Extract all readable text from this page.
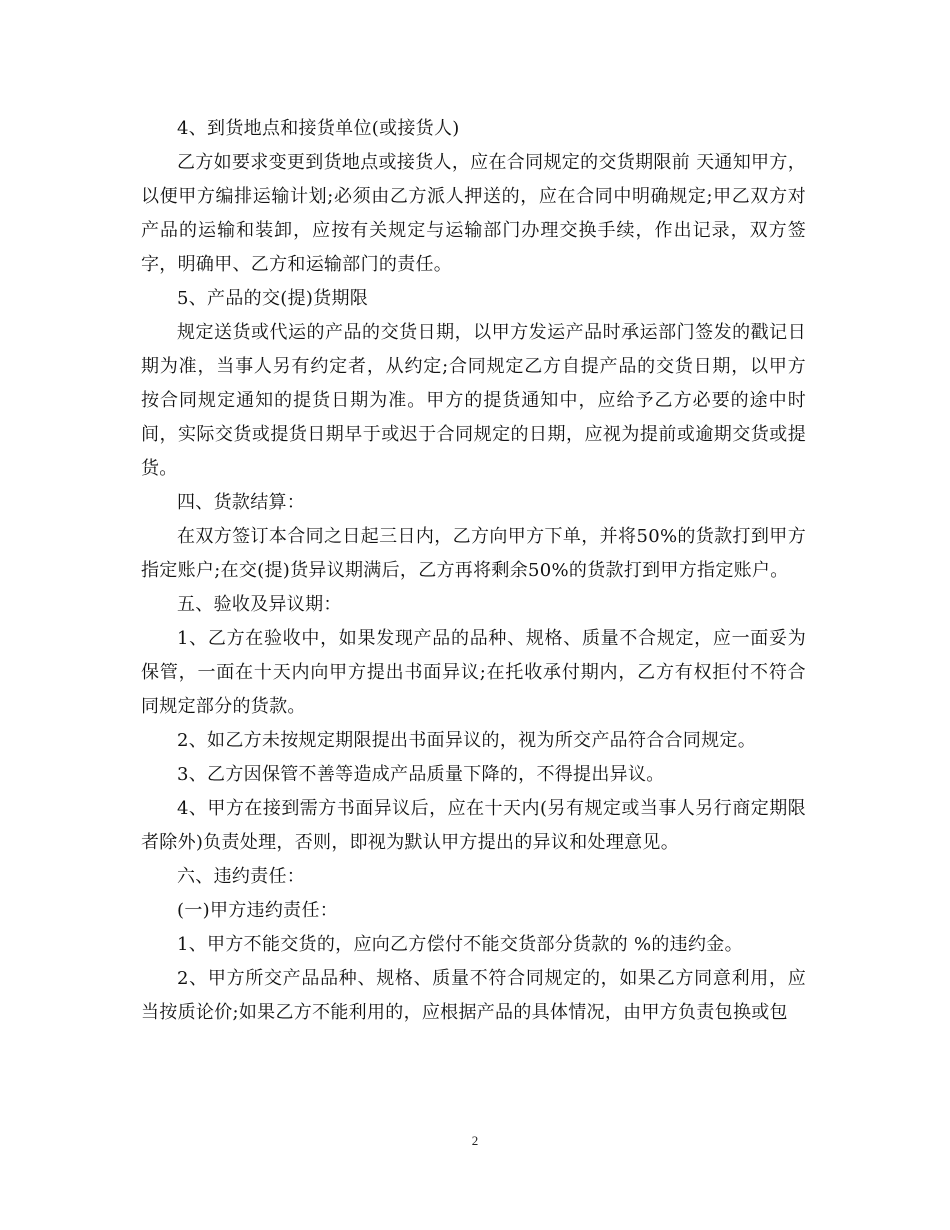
4、到货地点和接货单位(或接货人)

乙方如要求变更到货地点或接货人，应在合同规定的交货期限前 天通知甲方，以便甲方编排运输计划;必须由乙方派人押送的，应在合同中明确规定;甲乙双方对产品的运输和装卸，应按有关规定与运输部门办理交换手续，作出记录，双方签字，明确甲、乙方和运输部门的责任。

5、产品的交(提)货期限

规定送货或代运的产品的交货日期，以甲方发运产品时承运部门签发的戳记日期为准，当事人另有约定者，从约定;合同规定乙方自提产品的交货日期，以甲方按合同规定通知的提货日期为准。甲方的提货通知中，应给予乙方必要的途中时间，实际交货或提货日期早于或迟于合同规定的日期，应视为提前或逾期交货或提货。

四、货款结算：

在双方签订本合同之日起三日内，乙方向甲方下单，并将50%的货款打到甲方指定账户;在交(提)货异议期满后，乙方再将剩余50%的货款打到甲方指定账户。

五、验收及异议期：

1、乙方在验收中，如果发现产品的品种、规格、质量不合规定，应一面妥为保管，一面在十天内向甲方提出书面异议;在托收承付期内，乙方有权拒付不符合同规定部分的货款。

2、如乙方未按规定期限提出书面异议的，视为所交产品符合合同规定。

3、乙方因保管不善等造成产品质量下降的，不得提出异议。

4、甲方在接到需方书面异议后，应在十天内(另有规定或当事人另行商定期限者除外)负责处理，否则，即视为默认甲方提出的异议和处理意见。

六、违约责任：

(一)甲方违约责任：

1、甲方不能交货的，应向乙方偿付不能交货部分货款的 %的违约金。

2、甲方所交产品品种、规格、质量不符合同规定的，如果乙方同意利用，应当按质论价;如果乙方不能利用的，应根据产品的具体情况，由甲方负责包换或包

2
